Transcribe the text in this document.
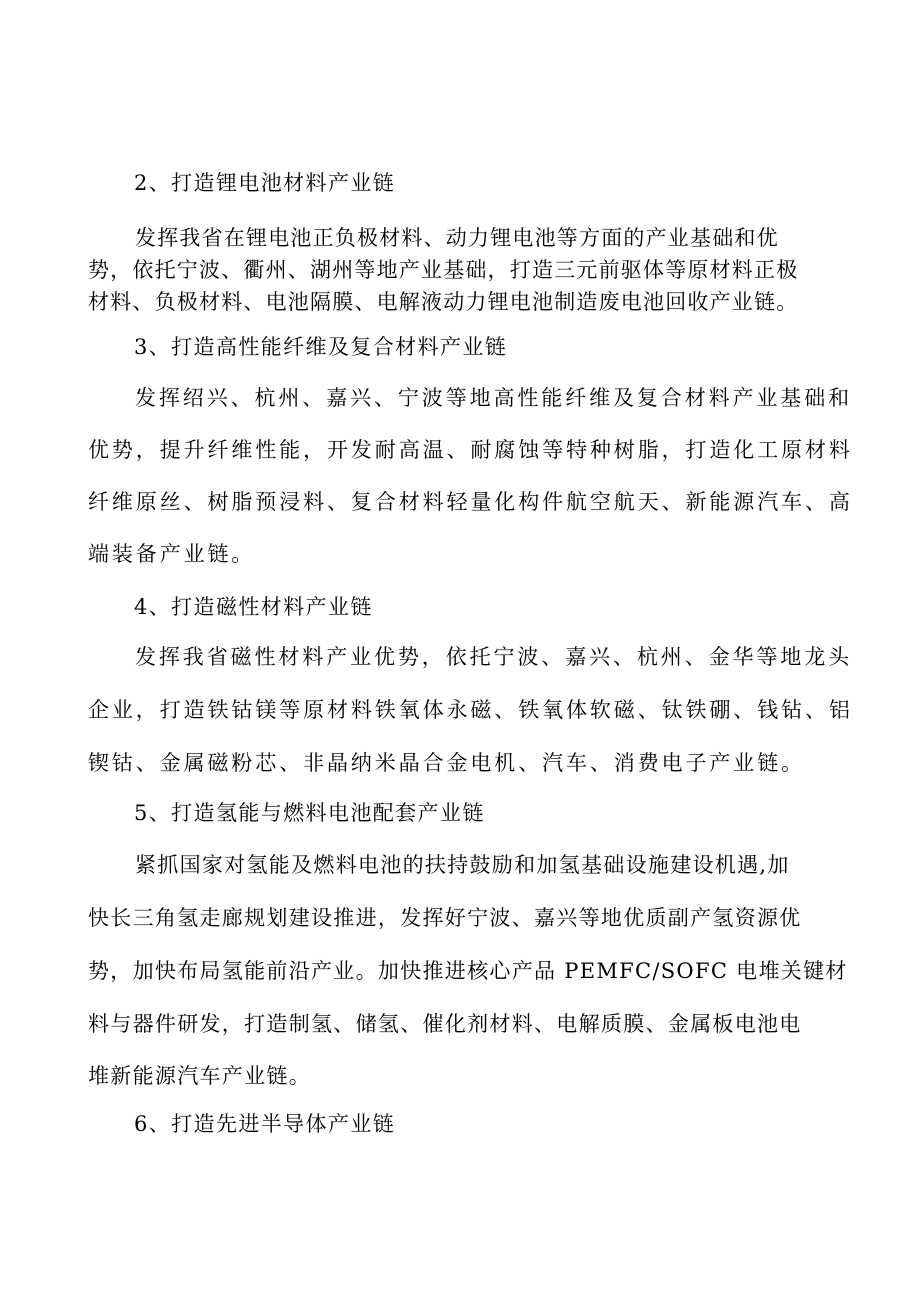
2、打造锂电池材料产业链
发挥我省在锂电池正负极材料、动力锂电池等方面的产业基础和优
势，依托宁波、衢州、湖州等地产业基础，打造三元前驱体等原材料正极
材料、负极材料、电池隔膜、电解液动力锂电池制造废电池回收产业链。
3、打造高性能纤维及复合材料产业链
发挥绍兴、杭州、嘉兴、宁波等地高性能纤维及复合材料产业基础和
优势，提升纤维性能，开发耐高温、耐腐蚀等特种树脂，打造化工原材料
纤维原丝、树脂预浸料、复合材料轻量化构件航空航天、新能源汽车、高
端装备产业链。
4、打造磁性材料产业链
发挥我省磁性材料产业优势，依托宁波、嘉兴、杭州、金华等地龙头
企业，打造铁钴镁等原材料铁氧体永磁、铁氧体软磁、钛铁硼、钱钻、铝
锲钴、金属磁粉芯、非晶纳米晶合金电机、汽车、消费电子产业链。
5、打造氢能与燃料电池配套产业链
紧抓国家对氢能及燃料电池的扶持鼓励和加氢基础设施建设机遇,加
快长三角氢走廊规划建设推进，发挥好宁波、嘉兴等地优质副产氢资源优
势，加快布局氢能前沿产业。加快推进核心产品 PEMFC/SOFC 电堆关键材
料与器件研发，打造制氢、储氢、催化剂材料、电解质膜、金属板电池电
堆新能源汽车产业链。
6、打造先进半导体产业链
